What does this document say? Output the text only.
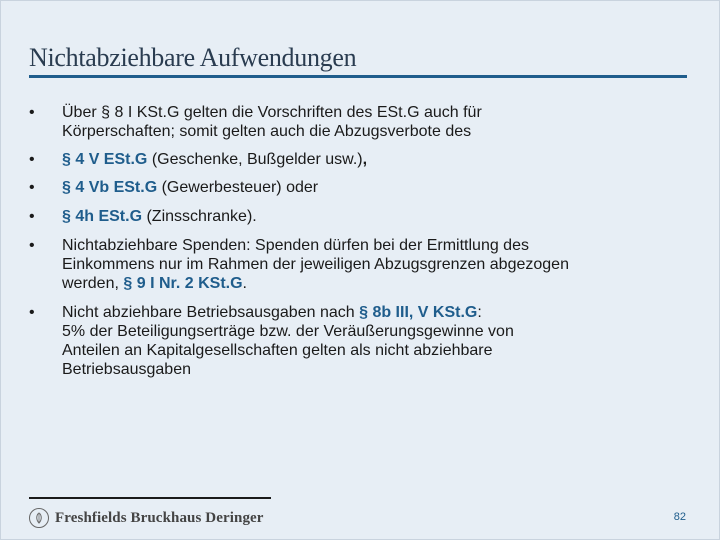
Nichtabziehbare Aufwendungen
• Über § 8 I KSt.G gelten die Vorschriften des ESt.G auch für
Körperschaften; somit gelten auch die Abzugsverbote des
• § 4 V ESt.G (Geschenke, Bußgelder usw.),
• § 4 Vb ESt.G (Gewerbesteuer) oder
• § 4h ESt.G (Zinsschranke).
• Nichtabziehbare Spenden: Spenden dürfen bei der Ermittlung des
Einkommens nur im Rahmen der jeweiligen Abzugsgrenzen abgezogen
werden, § 9 I Nr. 2 KSt.G.
• Nicht abziehbare Betriebsausgaben nach § 8b III, V KSt.G:
5% der Beteiligungserträge bzw. der Veräußerungsgewinne von
Anteilen an Kapitalgesellschaften gelten als nicht abziehbare
Betriebsausgaben
Freshfields Bruckhaus Deringer	82
